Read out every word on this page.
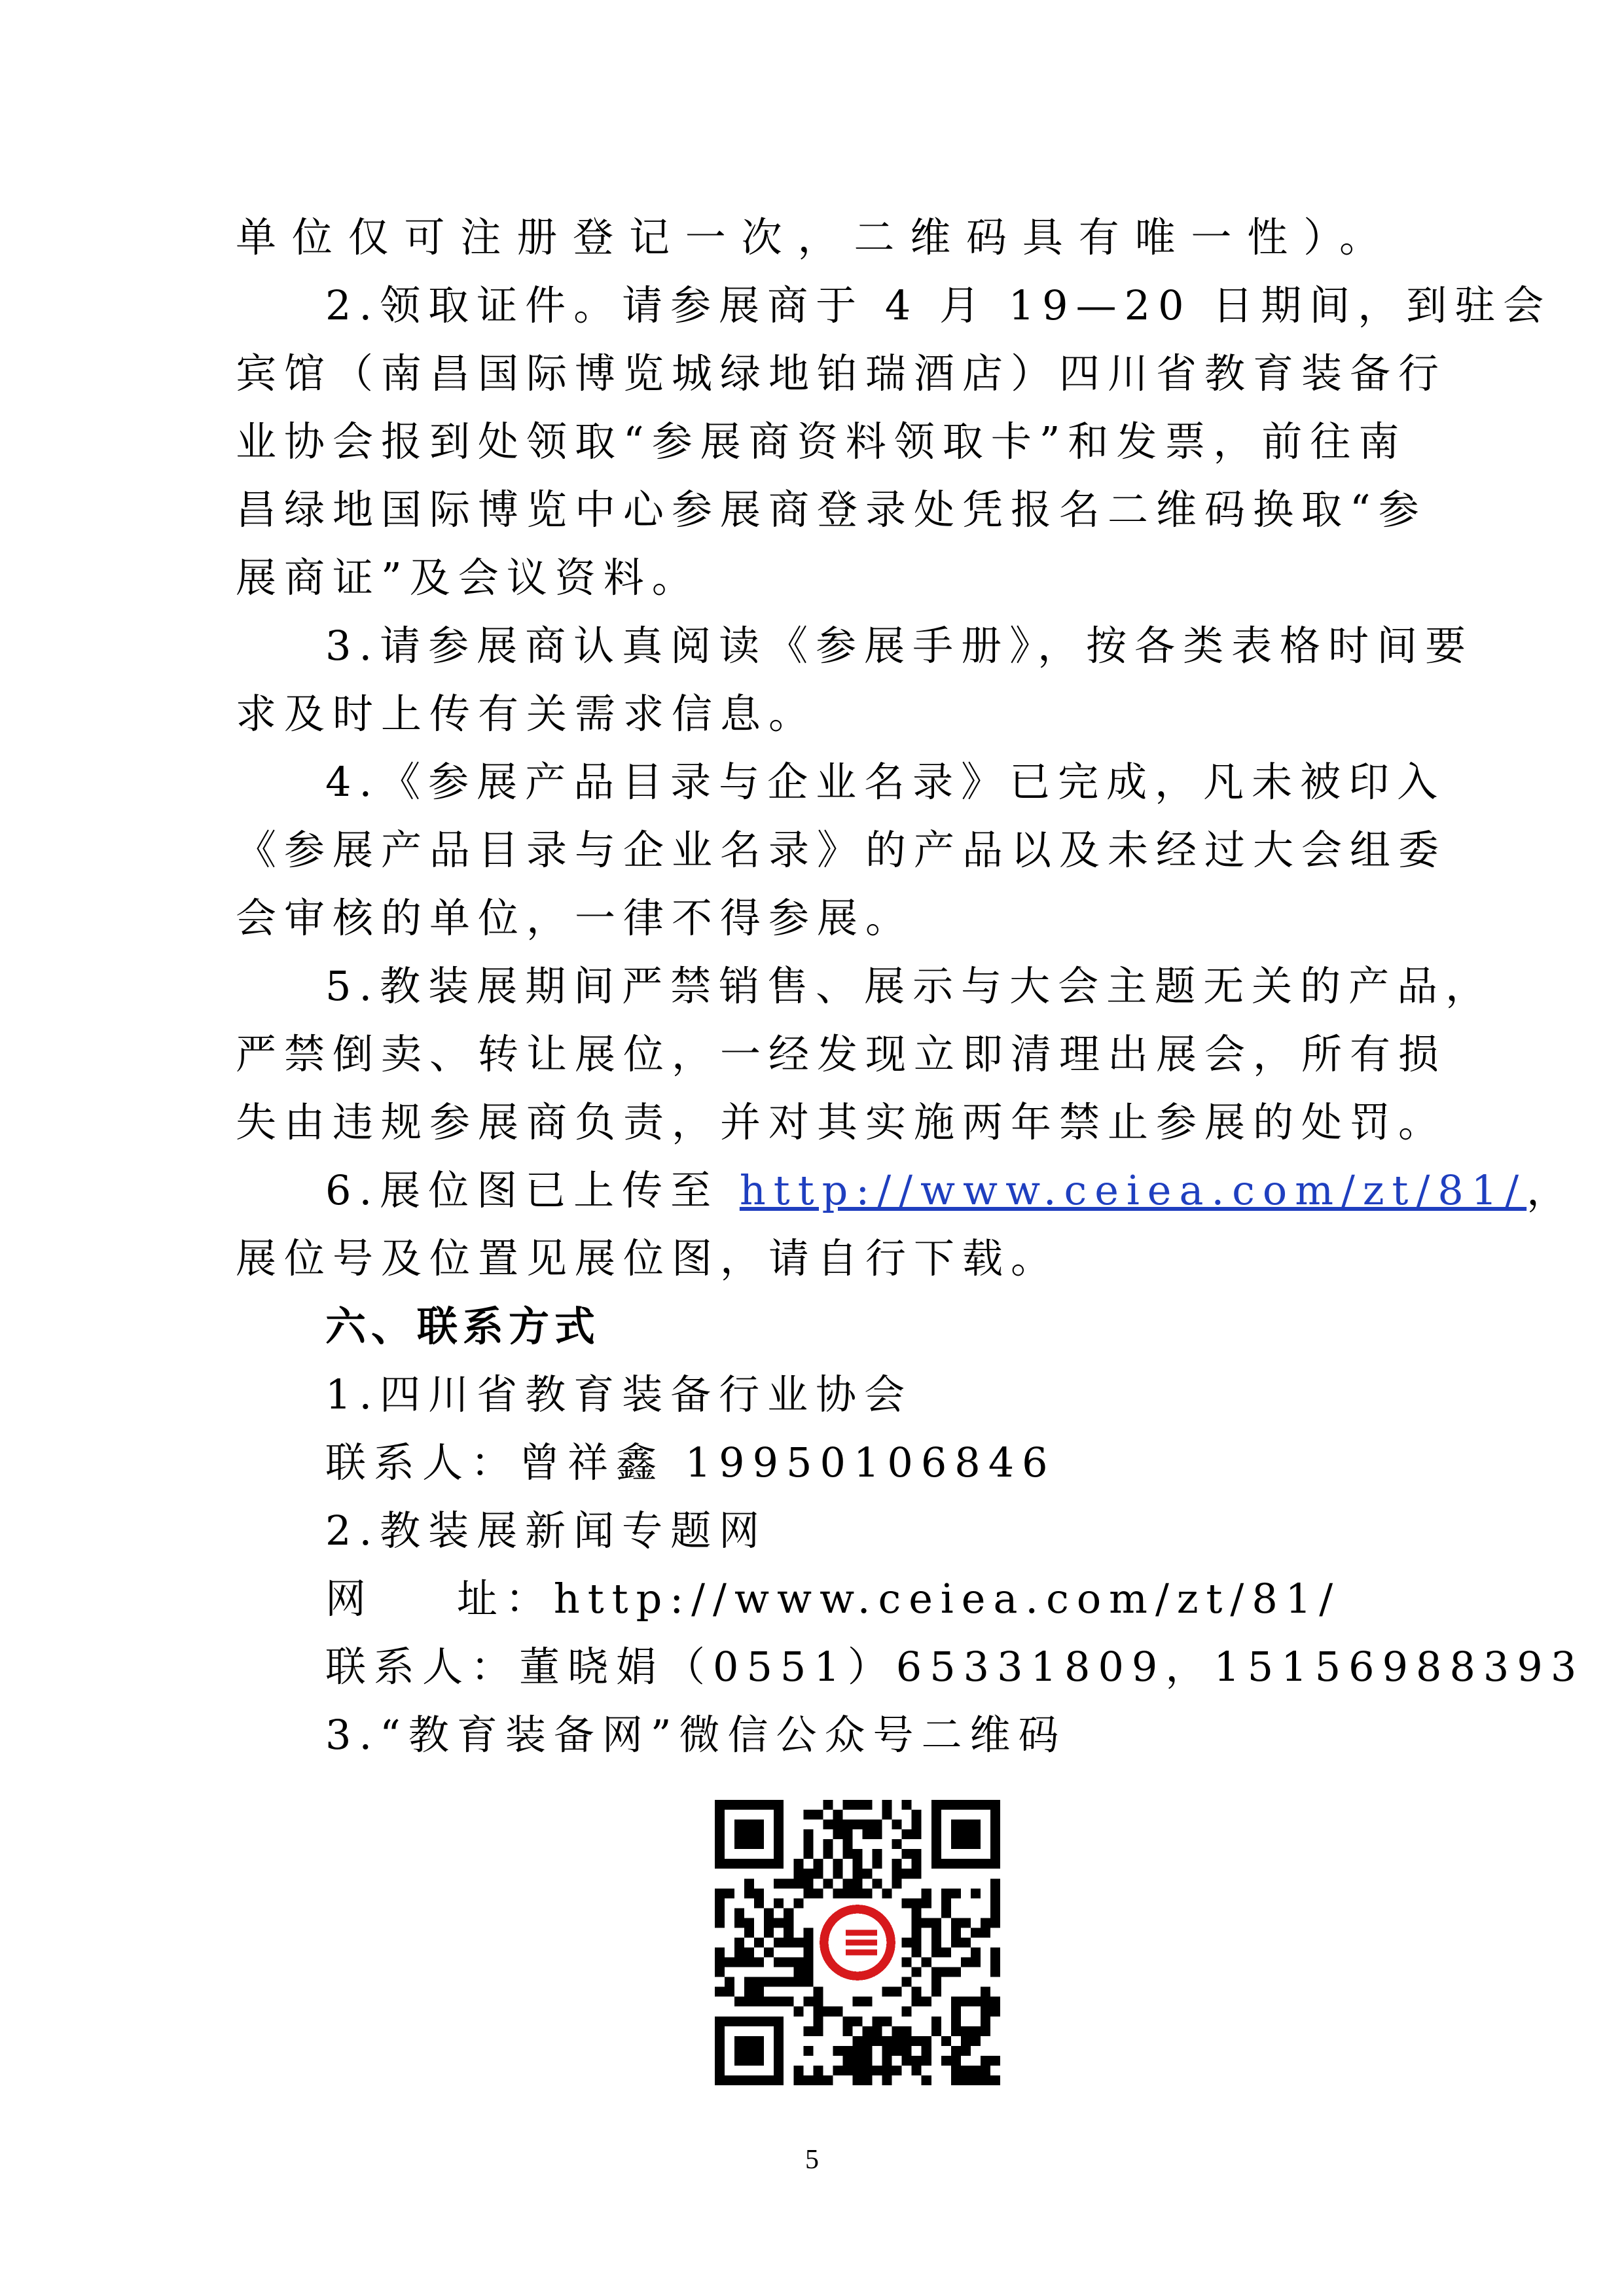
单位仅可注册登记一次，二维码具有唯一性）。
2.领取证件。请参展商于 4 月 19—20 日期间，到驻会
宾馆（南昌国际博览城绿地铂瑞酒店）四川省教育装备行
业协会报到处领取“参展商资料领取卡”和发票，前往南
昌绿地国际博览中心参展商登录处凭报名二维码换取“参
展商证”及会议资料。
3.请参展商认真阅读《参展手册》，按各类表格时间要
求及时上传有关需求信息。
4.《参展产品目录与企业名录》已完成，凡未被印入
《参展产品目录与企业名录》的产品以及未经过大会组委
会审核的单位，一律不得参展。
5.教装展期间严禁销售、展示与大会主题无关的产品，
严禁倒卖、转让展位，一经发现立即清理出展会，所有损
失由违规参展商负责，并对其实施两年禁止参展的处罚。
6.展位图已上传至 http://www.ceiea.com/zt/81/，
展位号及位置见展位图，请自行下载。
六、联系方式
1.四川省教育装备行业协会
联系人：曾祥鑫 19950106846
2.教装展新闻专题网
网    址：http://www.ceiea.com/zt/81/
联系人：董晓娟（0551）65331809，15156988393
3.“教育装备网”微信公众号二维码
5
